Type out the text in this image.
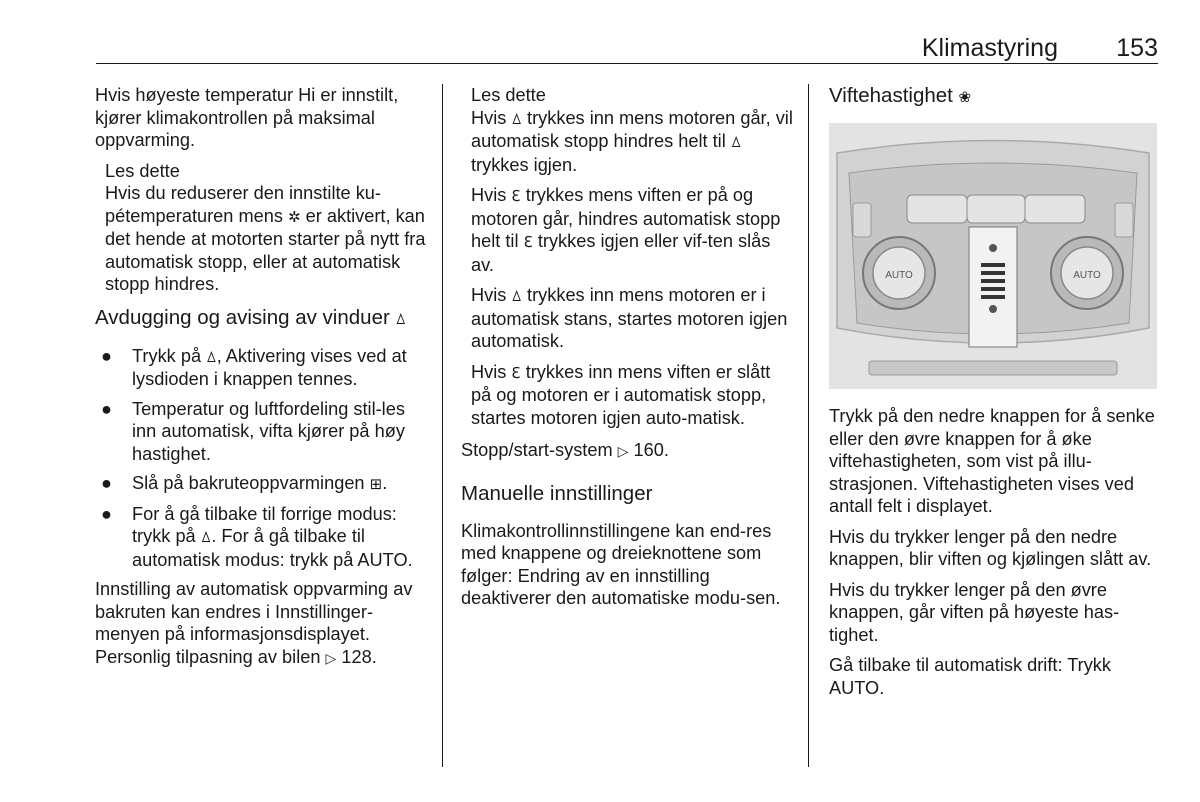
Klimastyring 153

Hvis høyeste temperatur Hi er innstilt, kjører klimakontrollen på maksimal oppvarming.

Les dette
Hvis du reduserer den innstilte ku-pétemperaturen mens ✲ er aktivert, kan det hende at motorten starter på nytt fra automatisk stopp, eller at automatisk stopp hindres.
Avdugging og avising av vinduer ꕔ
● Trykk på ꕔ, Aktivering vises ved at lysdioden i knappen tennes.
● Temperatur og luftfordeling stil-les inn automatisk, vifta kjører på høy hastighet.
● Slå på bakruteoppvarmingen ⊞.
● For å gå tilbake til forrige modus: trykk på ꕔ. For å gå tilbake til automatisk modus: trykk på AUTO.

Innstilling av automatisk oppvarming av bakruten kan endres i Innstillinger-menyen på informasjonsdisplayet. Personlig tilpasning av bilen ▷ 128.

Les dette
Hvis ꕔ trykkes inn mens motoren går, vil automatisk stopp hindres helt til ꕔ trykkes igjen.
Hvis ℇ trykkes mens viften er på og motoren går, hindres automatisk stopp helt til ℇ trykkes igjen eller vif-ten slås av.
Hvis ꕔ trykkes inn mens motoren er i automatisk stans, startes motoren igjen automatisk.
Hvis ℇ trykkes inn mens viften er slått på og motoren er i automatisk stopp, startes motoren igjen auto-matisk.

Stopp/start-system ▷ 160.

Manuelle innstillinger

Klimakontrollinnstillingene kan end-res med knappene og dreieknottene som følger: Endring av en innstilling deaktiverer den automatiske modu-sen.

Viftehastighet ❀
AUTO	AUTO

Trykk på den nedre knappen for å senke eller den øvre knappen for å øke viftehastigheten, som vist på illu-strasjonen. Viftehastigheten vises ved antall felt i displayet.

Hvis du trykker lenger på den nedre knappen, blir viften og kjølingen slått av.

Hvis du trykker lenger på den øvre knappen, går viften på høyeste has-tighet.

Gå tilbake til automatisk drift: Trykk AUTO.
